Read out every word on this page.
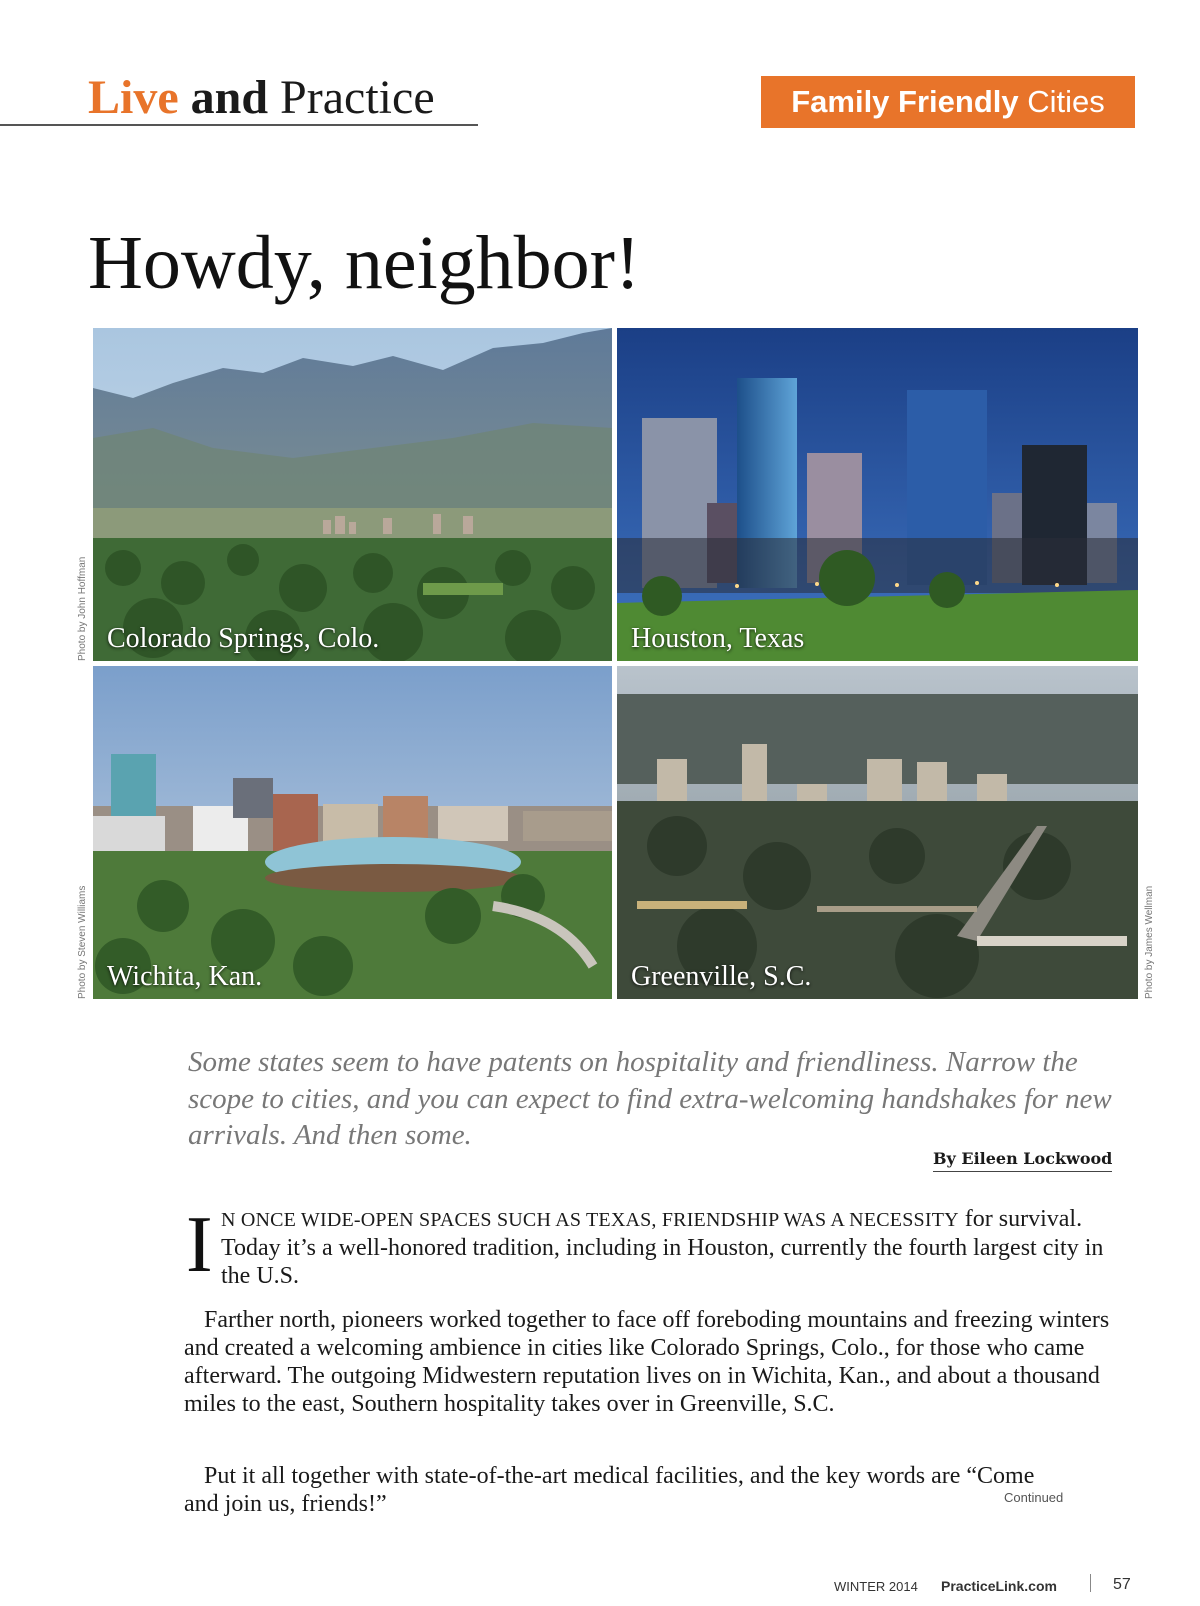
Live and Practice	Family Friendly Cities
Howdy, neighbor!
Colorado Springs, Colo.	Houston, Texas
Wichita, Kan.	Greenville, S.C.
Photo by John Hoffman
Photo by Steven Williams	Photo by James Wellman

Some states seem to have patents on hospitality and friendliness. Narrow the scope to cities, and you can expect to find extra-welcoming handshakes for new arrivals. And then some.

By Eileen Lockwood
I N ONCE WIDE-OPEN SPACES SUCH AS TEXAS, FRIENDSHIP WAS A NECESSITY for survival. Today it’s a well-honored tradition, including in Houston, currently the fourth largest city in the U.S.

Farther north, pioneers worked together to face off foreboding mountains and freezing winters and created a welcoming ambience in cities like Colorado Springs, Colo., for those who came afterward. The outgoing Midwestern reputation lives on in Wichita, Kan., and about a thousand miles to the east, Southern hospitality takes over in Greenville, S.C.

Put it all together with state-of-the-art medical facilities, and the key words are “Come and join us, friends!”	Continued
WINTER 2014 PracticeLink.com	57
